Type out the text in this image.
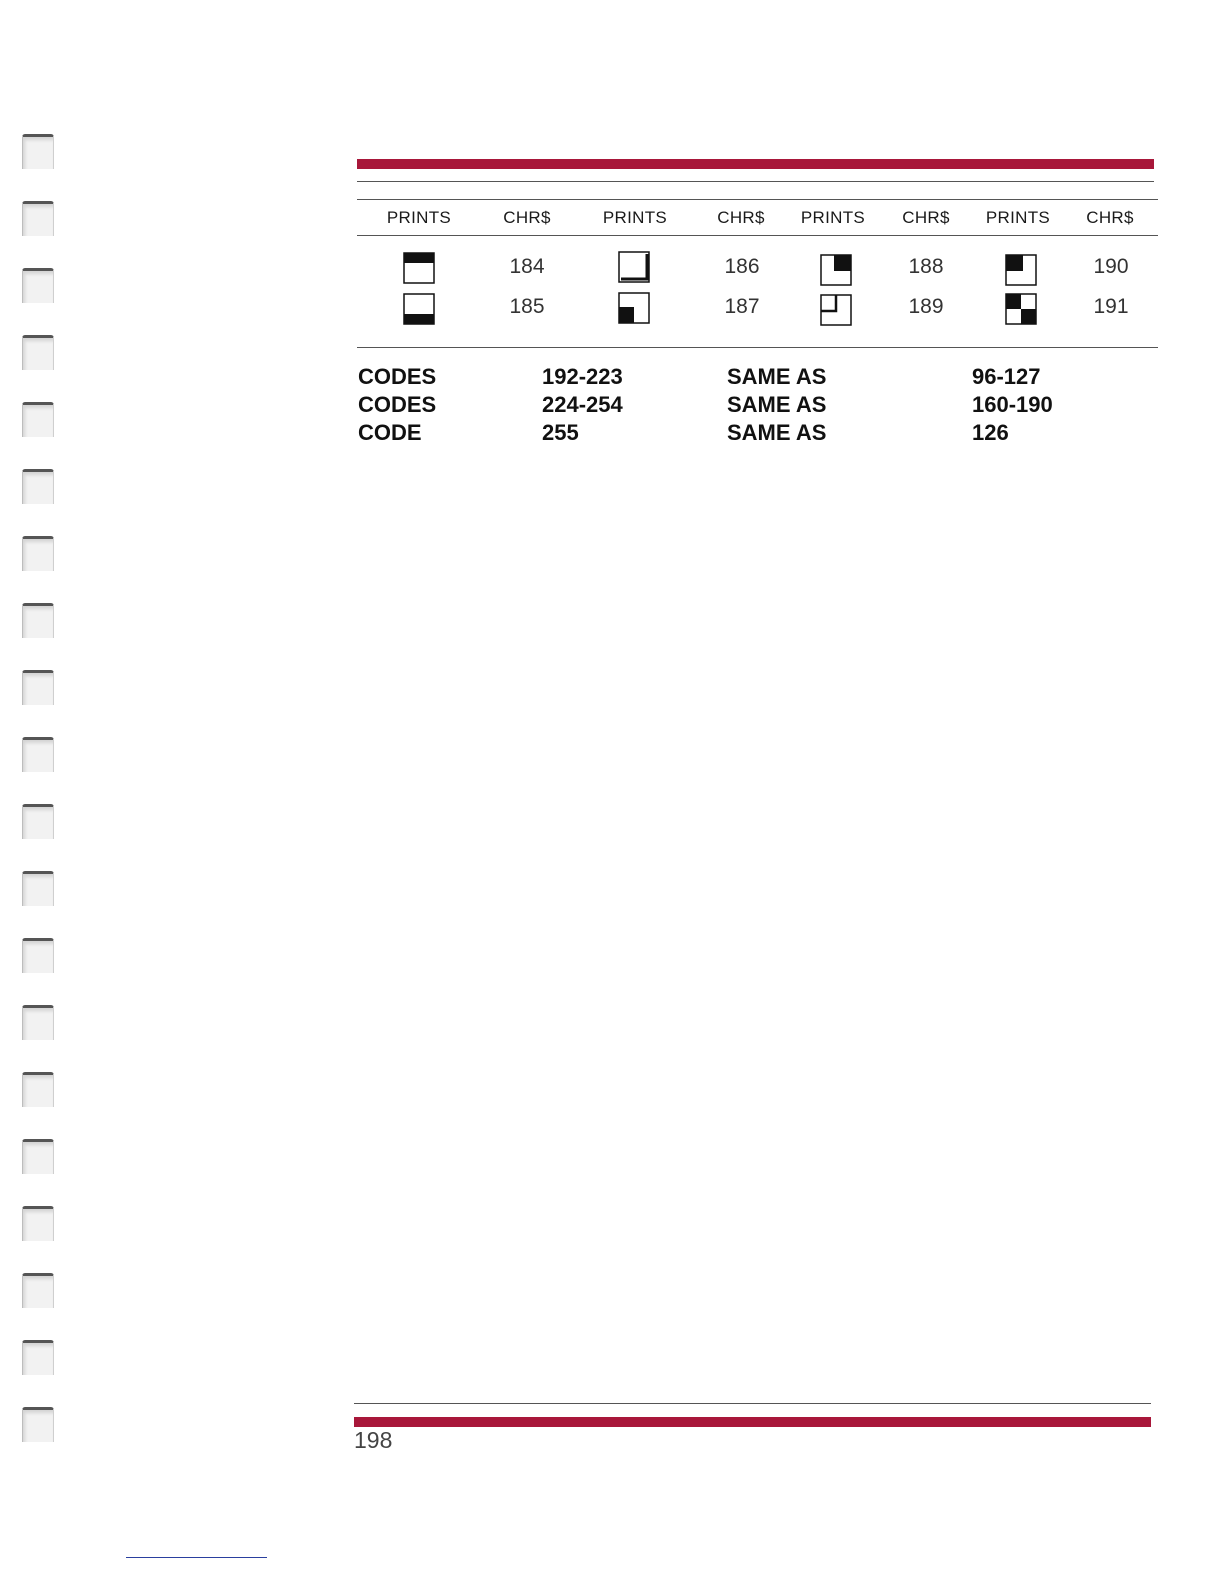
PRINTS	CHR$	PRINTS	CHR$	PRINTS	CHR$	PRINTS	CHR$
184	186	188	190
185	187	189	191
CODES	192-223	SAME AS	96-127
CODES	224-254	SAME AS	160-190
CODE	255	SAME AS	126
198
